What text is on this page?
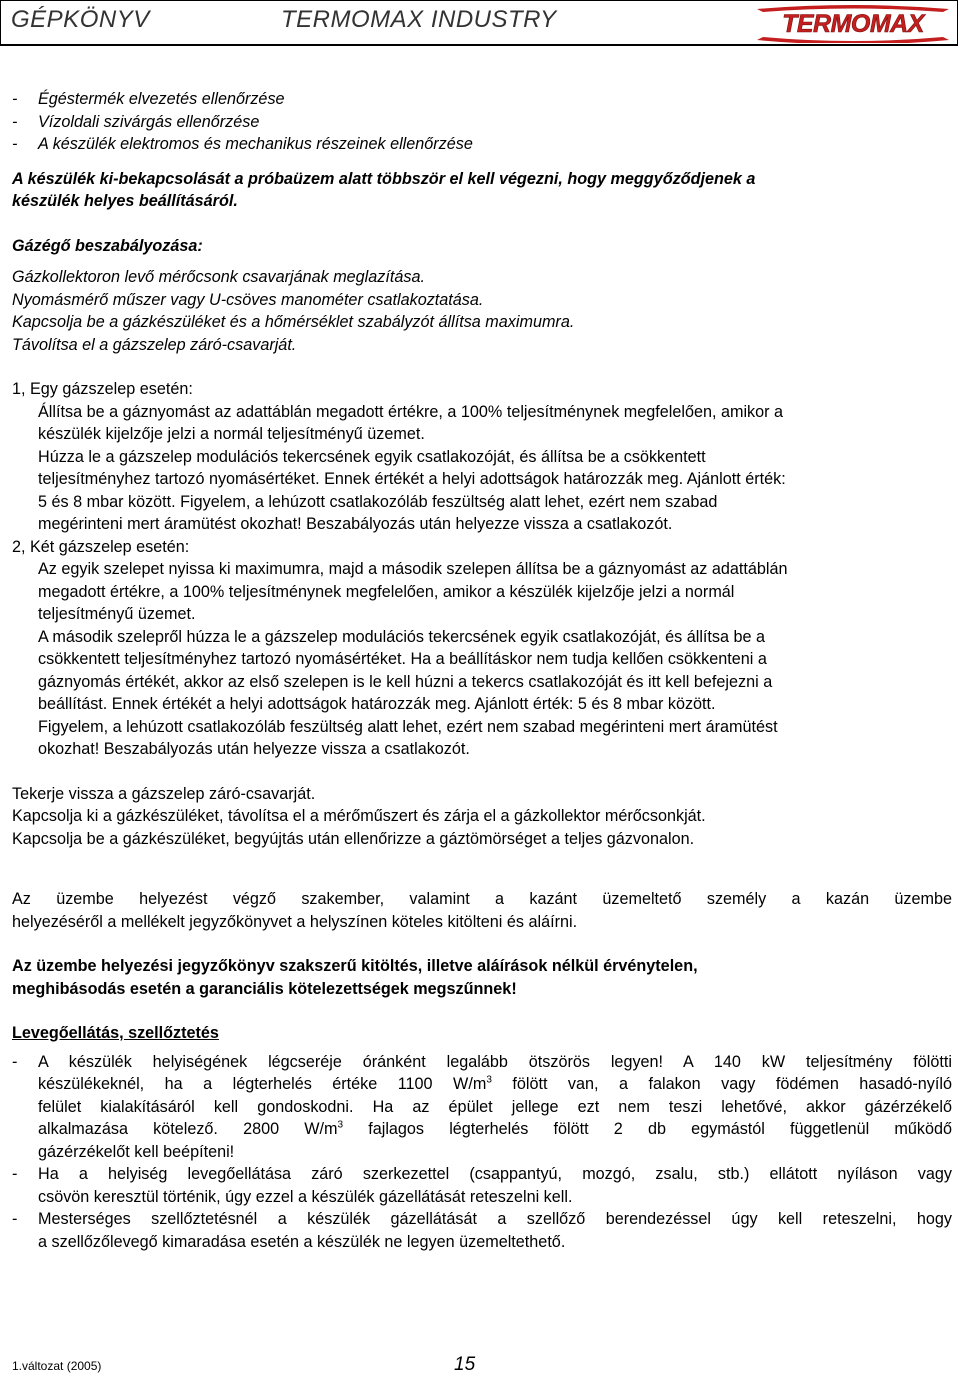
GÉPKÖNYV	TERMOMAX INDUSTRY	TERMOMAX
-	Égéstermék elvezetés ellenőrzése
-	Vízoldali szivárgás ellenőrzése
-	A készülék elektromos és mechanikus részeinek ellenőrzése
A készülék ki-bekapcsolását a próbaüzem alatt többször el kell végezni, hogy meggyőződjenek a
készülék helyes beállításáról.
Gázégő beszabályozása:
Gázkollektoron levő mérőcsonk csavarjának meglazítása.
Nyomásmérő műszer vagy U-csöves manométer csatlakoztatása.
Kapcsolja be a gázkészüléket és a hőmérséklet szabályzót állítsa maximumra.
Távolítsa el a gázszelep záró-csavarját.
1, Egy gázszelep esetén:
Állítsa be a gáznyomást az adattáblán megadott értékre, a 100% teljesítménynek megfelelően, amikor a
készülék kijelzője jelzi a normál teljesítményű üzemet.
Húzza le a gázszelep modulációs tekercsének egyik csatlakozóját, és állítsa be a csökkentett
teljesítményhez tartozó nyomásértéket. Ennek értékét a helyi adottságok határozzák meg. Ajánlott érték:
5 és 8 mbar között. Figyelem, a lehúzott csatlakozóláb feszültség alatt lehet, ezért nem szabad
megérinteni mert áramütést okozhat! Beszabályozás után helyezze vissza a csatlakozót.
2, Két gázszelep esetén:
Az egyik szelepet nyissa ki maximumra, majd a második szelepen állítsa be a gáznyomást az adattáblán
megadott értékre, a 100% teljesítménynek megfelelően, amikor a készülék kijelzője jelzi a normál
teljesítményű üzemet.
A második szelepről húzza le a gázszelep modulációs tekercsének egyik csatlakozóját, és állítsa be a
csökkentett teljesítményhez tartozó nyomásértéket. Ha a beállításkor nem tudja kellően csökkenteni a
gáznyomás értékét, akkor az első szelepen is le kell húzni a tekercs csatlakozóját és itt kell befejezni a
beállítást. Ennek értékét a helyi adottságok határozzák meg. Ajánlott érték: 5 és 8 mbar között.
Figyelem, a lehúzott csatlakozóláb feszültség alatt lehet, ezért nem szabad megérinteni mert áramütést
okozhat! Beszabályozás után helyezze vissza a csatlakozót.
Tekerje vissza a gázszelep záró-csavarját.
Kapcsolja ki a gázkészüléket, távolítsa el a mérőműszert és zárja el a gázkollektor mérőcsonkját.
Kapcsolja be a gázkészüléket, begyújtás után ellenőrizze a gáztömörséget a teljes gázvonalon.
Az üzembe helyezést végző szakember, valamint a kazánt üzemeltető személy a kazán üzembe
helyezéséről a mellékelt jegyzőkönyvet a helyszínen köteles kitölteni és aláírni.
Az üzembe helyezési jegyzőkönyv szakszerű kitöltés, illetve aláírások nélkül érvénytelen,
meghibásodás esetén a garanciális kötelezettségek megszűnnek!
Levegőellátás, szellőztetés
-	A készülék helyiségének légcseréje óránként legalább ötszörös legyen! A 140 kW teljesítmény fölötti
készülékeknél, ha a légterhelés értéke 1100 $W/m^3$ fölött van, a falakon vagy födémen hasadó-nyíló
felület kialakításáról kell gondoskodni. Ha az épület jellege ezt nem teszi lehetővé, akkor gázérzékelő
alkalmazása kötelező. 2800 $W/m^3$ fajlagos légterhelés fölött 2 db egymástól függetlenül működő
gázérzékelőt kell beépíteni!
-	Ha a helyiség levegőellátása záró szerkezettel (csappantyú, mozgó, zsalu, stb.) ellátott nyíláson vagy
csövön keresztül történik, úgy ezzel a készülék gázellátását reteszelni kell.
-	Mesterséges szellőztetésnél a készülék gázellátását a szellőző berendezéssel úgy kell reteszelni, hogy
a szellőzőlevegő kimaradása esetén a készülék ne legyen üzemeltethető.
1.változat (2005)	15
